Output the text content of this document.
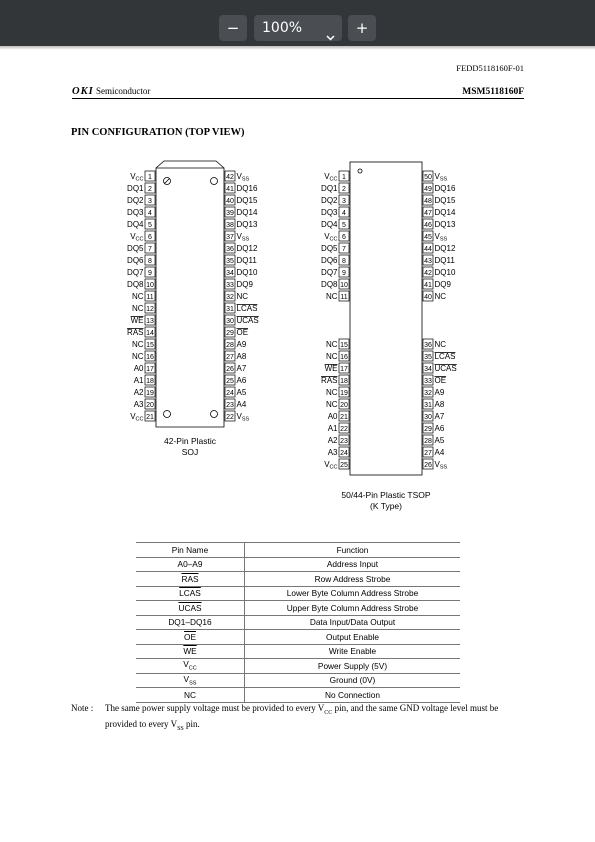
−	100%	+
FEDD5118160F-01
OKI Semiconductor	MSM5118160F
PIN CONFIGURATION (TOP VIEW)
42-Pin Plastic
SOJ
50/44-Pin Plastic TSOP
(K Type)
1
VCC
2
DQ1
3
DQ2
4
DQ3
5
DQ4
6
VCC
7
DQ5
8
DQ6
9
DQ7
10
DQ8
11
NC
12
NC
13
WE
14
RAS
15
NC
16
NC
17
A0
18
A1
19
A2
20
A3
21
VCC
42 VSS
41 DQ16
40 DQ15
39 DQ14
38 DQ13
37 VSS
36 DQ12
35 DQ11
34 DQ10
33 DQ9
32 NC
31 LCAS
30 UCAS
29 OE
28 A9
27 A8
26 A7
25 A6
24 A5
23 A4
22 VSS
1
VCC
2
DQ1
3
DQ2
4
DQ3
5
DQ4
6
VCC
7
DQ5
8
DQ6
9
DQ7
10
DQ8
11
NC
15
NC
16
NC
17
WE
18
RAS
19
NC
20
NC
21
A0
22
A1
23
A2
24
A3
25
VCC
50 VSS
49 DQ16
48 DQ15
47 DQ14
46 DQ13
45 VSS
44 DQ12
43 DQ11
42 DQ10
41 DQ9
40 NC
36 NC
35 LCAS
34 UCAS
33 OE
32 A9
31 A8
30 A7
29 A6
28 A5
27 A4
26 VSS
Pin Name	Function
A0–A9	Address Input
$\overline{RAS}$	Row Address Strobe
LCAS	Lower Byte Column Address Strobe
UCAS	Upper Byte Column Address Strobe
DQ1–DQ16	Data Input/Data Output
$\overline{OE}$	Output Enable
$\overline{WE}$	Write Enable
$V_{CC}$	Power Supply (5V)
$V_{SS}$	Ground (0V)
NC	No Connection
Note : The same power supply voltage must be provided to every $V_{CC}$ pin, and the same GND voltage level must be provided to every $V_{SS}$ pin.
